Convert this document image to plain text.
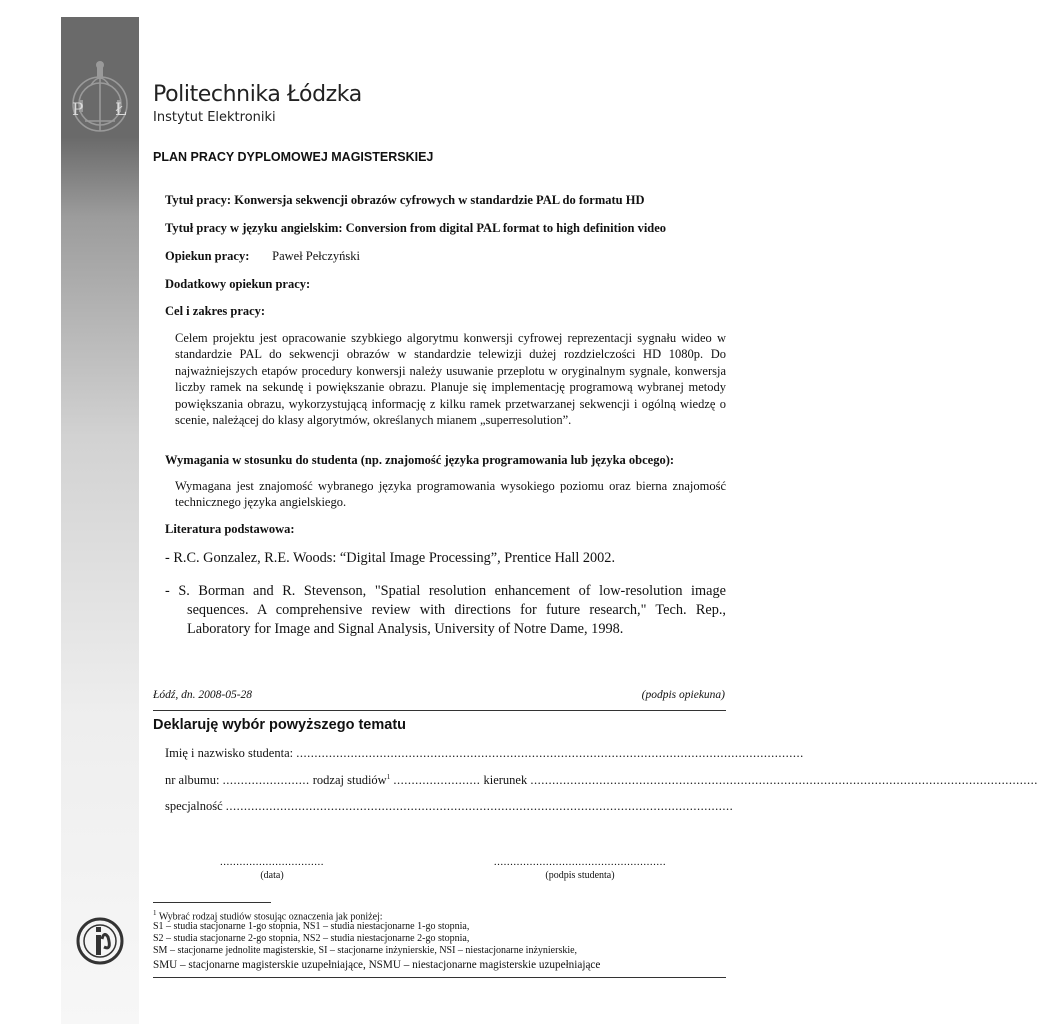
P Ł
Politechnika Łódzka
Instytut Elektroniki
PLAN PRACY DYPLOMOWEJ MAGISTERSKIEJ
Tytuł pracy: Konwersja sekwencji obrazów cyfrowych w standardzie PAL do formatu HD
Tytuł pracy w języku angielskim: Conversion from digital PAL format to high definition video
Opiekun pracy: Paweł Pełczyński
Dodatkowy opiekun pracy:
Cel i zakres pracy:
Celem projektu jest opracowanie szybkiego algorytmu konwersji cyfrowej reprezentacji sygnału wideo w standardzie PAL do sekwencji obrazów w standardzie telewizji dużej rozdzielczości HD 1080p. Do najważniejszych etapów procedury konwersji należy usuwanie przeplotu w oryginalnym sygnale, konwersja liczby ramek na sekundę i powiększanie obrazu. Planuje się implementację programową wybranej metody powiększania obrazu, wykorzystującą informację z kilku ramek przetwarzanej sekwencji i ogólną wiedzę o scenie, należącej do klasy algorytmów, określanych mianem „superresolution”.
Wymagania w stosunku do studenta (np. znajomość języka programowania lub języka obcego):
Wymagana jest znajomość wybranego języka programowania wysokiego poziomu oraz bierna znajomość technicznego języka angielskiego.
Literatura podstawowa:
- R.C. Gonzalez, R.E. Woods: “Digital Image Processing”, Prentice Hall 2002.
- S. Borman and R. Stevenson, "Spatial resolution enhancement of low-resolution image sequences. A comprehensive review with directions for future research," Tech. Rep., Laboratory for Image and Signal Analysis, University of Notre Dame, 1998.
Łódź, dn. 2008-05-28	(podpis opiekuna)
Deklaruję wybór powyższego tematu
Imię i nazwisko studenta: ............................................................................................................................................
nr albumu: ........................ rodzaj studiów$^1$ ........................ kierunek ............................................................................................................................................
specjalność ............................................................................................................................................
................................
(data)
.....................................................
(podpis studenta)
$^1$ Wybrać rodzaj studiów stosując oznaczenia jak poniżej:
S1 – studia stacjonarne 1-go stopnia, NS1 – studia niestacjonarne 1-go stopnia,
S2 – studia stacjonarne 2-go stopnia, NS2 – studia niestacjonarne 2-go stopnia,
SM – stacjonarne jednolite magisterskie, SI – stacjonarne inżynierskie, NSI – niestacjonarne inżynierskie,
SMU – stacjonarne magisterskie uzupełniające, NSMU – niestacjonarne magisterskie uzupełniające
